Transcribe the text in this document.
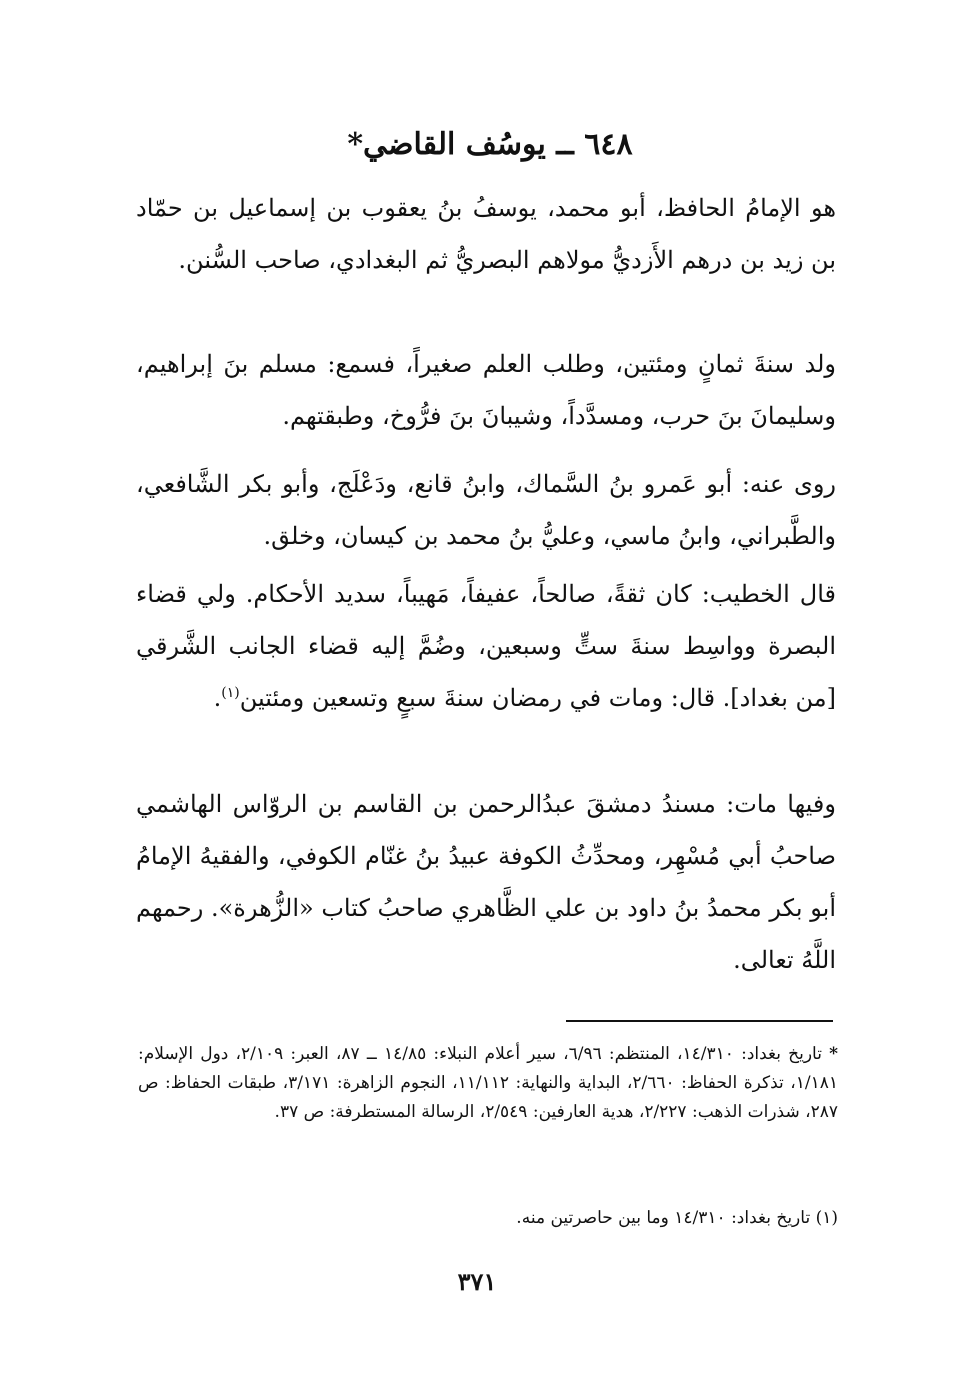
٦٤٨ ــ يوسُف القاضي*
هو الإمامُ الحافظ، أبو محمد، يوسفُ بنُ يعقوب بن إسماعيل بن حمّاد بن زيد بن درهم الأَزديُّ مولاهم البصريُّ ثم البغدادي، صاحب السُّنن.
ولد سنةَ ثمانٍ ومئتين، وطلب العلم صغيراً، فسمع: مسلم بنَ إبراهيم، وسليمانَ بنَ حرب، ومسدَّداً، وشيبانَ بنَ فرُّوخ، وطبقتهم.
روى عنه: أبو عَمرو بنُ السَّماك، وابنُ قانع، ودَعْلَج، وأبو بكر الشَّافعي، والطَّبراني، وابنُ ماسي، وعليُّ بنُ محمد بن كيسان، وخلق.
قال الخطيب: كان ثقةً، صالحاً، عفيفاً، مَهيباً، سديد الأحكام. ولي قضاء البصرة وواسِط سنةَ ستٍّ وسبعين، وضُمَّ إليه قضاء الجانب الشَّرقي [من بغداد]. قال: ومات في رمضان سنةَ سبعٍ وتسعين ومئتين$^{(١)}$.
وفيها مات: مسندُ دمشقَ عبدُالرحمن بن القاسم بن الروّاس الهاشمي صاحبُ أبي مُسْهِر، ومحدِّثُ الكوفة عبيدُ بنُ غنّام الكوفي، والفقيهُ الإمامُ أبو بكر محمدُ بنُ داود بن علي الظَّاهري صاحبُ كتاب «الزُّهرة». رحمهم اللَّهُ تعالى.
* تاريخ بغداد: ١٤/٣١٠، المنتظم: ٦/٩٦، سير أعلام النبلاء: ١٤/٨٥ ــ ٨٧، العبر: ٢/١٠٩، دول الإسلام: ١/١٨١، تذكرة الحفاظ: ٢/٦٦٠، البداية والنهاية: ١١/١١٢، النجوم الزاهرة: ٣/١٧١، طبقات الحفاظ: ص ٢٨٧، شذرات الذهب: ٢/٢٢٧، هدية العارفين: ٢/٥٤٩، الرسالة المستطرفة: ص ٣٧.
(١) تاريخ بغداد: ١٤/٣١٠ وما بين حاصرتين منه.
٣٧١
